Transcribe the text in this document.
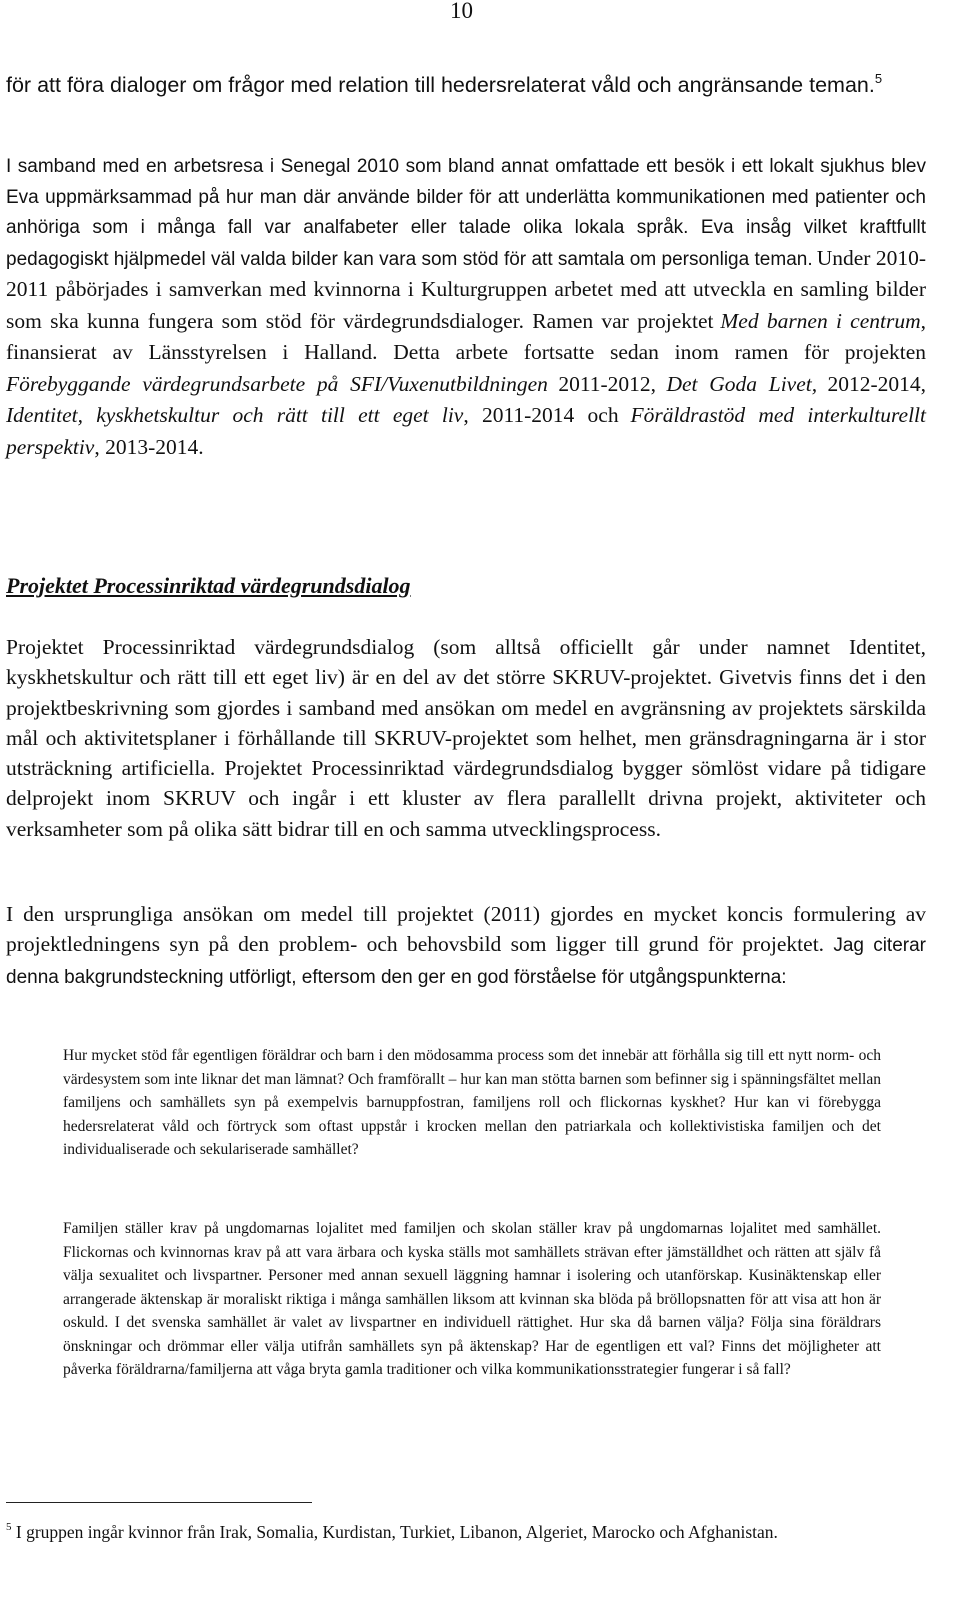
10
för att föra dialoger om frågor med relation till hedersrelaterat våld och angränsande teman.$^5$
I samband med en arbetsresa i Senegal 2010 som bland annat omfattade ett besök i ett lokalt sjukhus blev Eva uppmärksammad på hur man där använde bilder för att underlätta kommunikationen med patienter och anhöriga som i många fall var analfabeter eller talade olika lokala språk. Eva insåg vilket kraftfullt pedagogiskt hjälpmedel väl valda bilder kan vara som stöd för att samtala om personliga teman. Under 2010-2011 påbörjades i samverkan med kvinnorna i Kulturgruppen arbetet med att utveckla en samling bilder som ska kunna fungera som stöd för värdegrundsdialoger. Ramen var projektet Med barnen i centrum, finansierat av Länsstyrelsen i Halland. Detta arbete fortsatte sedan inom ramen för projekten Förebyggande värdegrundsarbete på SFI/Vuxenutbildningen 2011-2012, Det Goda Livet, 2012-2014, Identitet, kyskhetskultur och rätt till ett eget liv, 2011-2014 och Föräldrastöd med interkulturellt perspektiv, 2013-2014.
Projektet Processinriktad värdegrundsdialog
Projektet Processinriktad värdegrundsdialog (som alltså officiellt går under namnet Identitet, kyskhetskultur och rätt till ett eget liv) är en del av det större SKRUV-projektet. Givetvis finns det i den projektbeskrivning som gjordes i samband med ansökan om medel en avgränsning av projektets särskilda mål och aktivitetsplaner i förhållande till SKRUV-projektet som helhet, men gränsdragningarna är i stor utsträckning artificiella. Projektet Processinriktad värdegrundsdialog bygger sömlöst vidare på tidigare delprojekt inom SKRUV och ingår i ett kluster av flera parallellt drivna projekt, aktiviteter och verksamheter som på olika sätt bidrar till en och samma utvecklingsprocess.
I den ursprungliga ansökan om medel till projektet (2011) gjordes en mycket koncis formulering av projektledningens syn på den problem- och behovsbild som ligger till grund för projektet. Jag citerar denna bakgrundsteckning utförligt, eftersom den ger en god förståelse för utgångspunkterna:
Hur mycket stöd får egentligen föräldrar och barn i den mödosamma process som det innebär att förhålla sig till ett nytt norm- och värdesystem som inte liknar det man lämnat? Och framförallt – hur kan man stötta barnen som befinner sig i spänningsfältet mellan familjens och samhällets syn på exempelvis barnuppfostran, familjens roll och flickornas kyskhet? Hur kan vi förebygga hedersrelaterat våld och förtryck som oftast uppstår i krocken mellan den patriarkala och kollektivistiska familjen och det individualiserade och sekulariserade samhället?
Familjen ställer krav på ungdomarnas lojalitet med familjen och skolan ställer krav på ungdomarnas lojalitet med samhället. Flickornas och kvinnornas krav på att vara ärbara och kyska ställs mot samhällets strävan efter jämställdhet och rätten att själv få välja sexualitet och livspartner. Personer med annan sexuell läggning hamnar i isolering och utanförskap. Kusinäktenskap eller arrangerade äktenskap är moraliskt riktiga i många samhällen liksom att kvinnan ska blöda på bröllopsnatten för att visa att hon är oskuld. I det svenska samhället är valet av livspartner en individuell rättighet. Hur ska då barnen välja? Följa sina föräldrars önskningar och drömmar eller välja utifrån samhällets syn på äktenskap? Har de egentligen ett val? Finns det möjligheter att påverka föräldrarna/familjerna att våga bryta gamla traditioner och vilka kommunikationsstrategier fungerar i så fall?
$^5$ I gruppen ingår kvinnor från Irak, Somalia, Kurdistan, Turkiet, Libanon, Algeriet, Marocko och Afghanistan.
